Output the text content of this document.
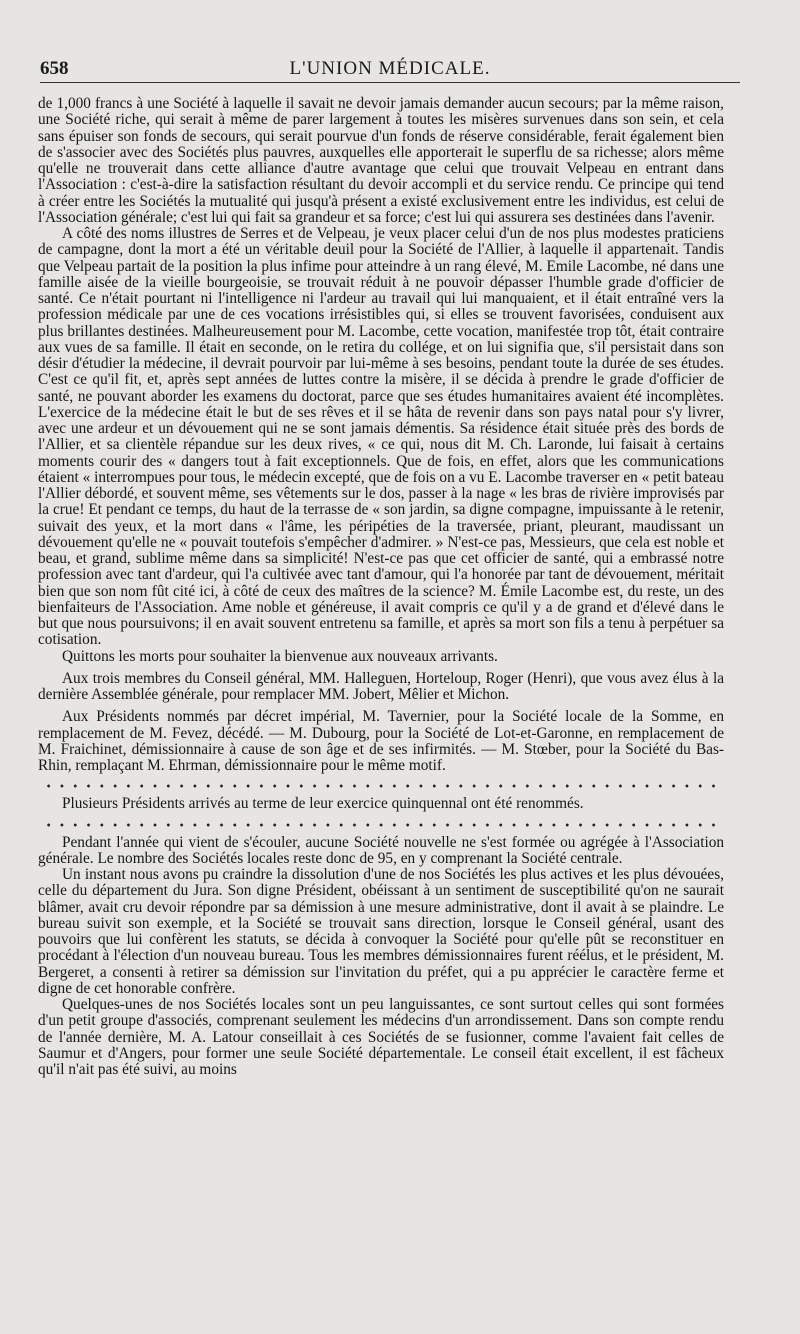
658	L'UNION MÉDICALE.

de 1,000 francs à une Société à laquelle il savait ne devoir jamais demander aucun secours; par la même raison, une Société riche, qui serait à même de parer largement à toutes les misères survenues dans son sein, et cela sans épuiser son fonds de secours, qui serait pourvue d'un fonds de réserve considérable, ferait également bien de s'associer avec des Sociétés plus pauvres, auxquelles elle apporterait le superflu de sa richesse; alors même qu'elle ne trouverait dans cette alliance d'autre avantage que celui que trouvait Velpeau en entrant dans l'Association : c'est-à-dire la satisfaction résultant du devoir accompli et du service rendu. Ce principe qui tend à créer entre les Sociétés la mutualité qui jusqu'à présent a existé exclusivement entre les individus, est celui de l'Association générale; c'est lui qui fait sa grandeur et sa force; c'est lui qui assurera ses destinées dans l'avenir.

A côté des noms illustres de Serres et de Velpeau, je veux placer celui d'un de nos plus modestes praticiens de campagne, dont la mort a été un véritable deuil pour la Société de l'Allier, à laquelle il appartenait. Tandis que Velpeau partait de la position la plus infime pour atteindre à un rang élevé, M. Emile Lacombe, né dans une famille aisée de la vieille bourgeoisie, se trouvait réduit à ne pouvoir dépasser l'humble grade d'officier de santé. Ce n'était pourtant ni l'intelligence ni l'ardeur au travail qui lui manquaient, et il était entraîné vers la profession médicale par une de ces vocations irrésistibles qui, si elles se trouvent favorisées, conduisent aux plus brillantes destinées. Malheureusement pour M. Lacombe, cette vocation, manifestée trop tôt, était contraire aux vues de sa famille. Il était en seconde, on le retira du collége, et on lui signifia que, s'il persistait dans son désir d'étudier la médecine, il devrait pourvoir par lui-même à ses besoins, pendant toute la durée de ses études. C'est ce qu'il fit, et, après sept années de luttes contre la misère, il se décida à prendre le grade d'officier de santé, ne pouvant aborder les examens du doctorat, parce que ses études humanitaires avaient été incomplètes. L'exercice de la médecine était le but de ses rêves et il se hâta de revenir dans son pays natal pour s'y livrer, avec une ardeur et un dévouement qui ne se sont jamais démentis. Sa résidence était située près des bords de l'Allier, et sa clientèle répandue sur les deux rives, « ce qui, nous dit M. Ch. Laronde, lui faisait à certains moments courir des « dangers tout à fait exceptionnels. Que de fois, en effet, alors que les communications étaient « interrompues pour tous, le médecin excepté, que de fois on a vu E. Lacombe traverser en « petit bateau l'Allier débordé, et souvent même, ses vêtements sur le dos, passer à la nage « les bras de rivière improvisés par la crue! Et pendant ce temps, du haut de la terrasse de « son jardin, sa digne compagne, impuissante à le retenir, suivait des yeux, et la mort dans « l'âme, les péripéties de la traversée, priant, pleurant, maudissant un dévouement qu'elle ne « pouvait toutefois s'empêcher d'admirer. » N'est-ce pas, Messieurs, que cela est noble et beau, et grand, sublime même dans sa simplicité! N'est-ce pas que cet officier de santé, qui a embrassé notre profession avec tant d'ardeur, qui l'a cultivée avec tant d'amour, qui l'a honorée par tant de dévouement, méritait bien que son nom fût cité ici, à côté de ceux des maîtres de la science? M. Émile Lacombe est, du reste, un des bienfaiteurs de l'Association. Ame noble et généreuse, il avait compris ce qu'il y a de grand et d'élevé dans le but que nous poursuivons; il en avait souvent entretenu sa famille, et après sa mort son fils a tenu à perpétuer sa cotisation.

Quittons les morts pour souhaiter la bienvenue aux nouveaux arrivants.

Aux trois membres du Conseil général, MM. Halleguen, Horteloup, Roger (Henri), que vous avez élus à la dernière Assemblée générale, pour remplacer MM. Jobert, Mêlier et Michon.

Aux Présidents nommés par décret impérial, M. Tavernier, pour la Société locale de la Somme, en remplacement de M. Fevez, décédé. — M. Dubourg, pour la Société de Lot-et-Garonne, en remplacement de M. Fraichinet, démissionnaire à cause de son âge et de ses infirmités. — M. Stœber, pour la Société du Bas-Rhin, remplaçant M. Ehrman, démissionnaire pour le même motif.

Plusieurs Présidents arrivés au terme de leur exercice quinquennal ont été renommés.

Pendant l'année qui vient de s'écouler, aucune Société nouvelle ne s'est formée ou agrégée à l'Association générale. Le nombre des Sociétés locales reste donc de 95, en y comprenant la Société centrale.

Un instant nous avons pu craindre la dissolution d'une de nos Sociétés les plus actives et les plus dévouées, celle du département du Jura. Son digne Président, obéissant à un sentiment de susceptibilité qu'on ne saurait blâmer, avait cru devoir répondre par sa démission à une mesure administrative, dont il avait à se plaindre. Le bureau suivit son exemple, et la Société se trouvait sans direction, lorsque le Conseil général, usant des pouvoirs que lui confèrent les statuts, se décida à convoquer la Société pour qu'elle pût se reconstituer en procédant à l'élection d'un nouveau bureau. Tous les membres démissionnaires furent réélus, et le président, M. Bergeret, a consenti à retirer sa démission sur l'invitation du préfet, qui a pu apprécier le caractère ferme et digne de cet honorable confrère.

Quelques-unes de nos Sociétés locales sont un peu languissantes, ce sont surtout celles qui sont formées d'un petit groupe d'associés, comprenant seulement les médecins d'un arrondissement. Dans son compte rendu de l'année dernière, M. A. Latour conseillait à ces Sociétés de se fusionner, comme l'avaient fait celles de Saumur et d'Angers, pour former une seule Société départementale. Le conseil était excellent, il est fâcheux qu'il n'ait pas été suivi, au moins
